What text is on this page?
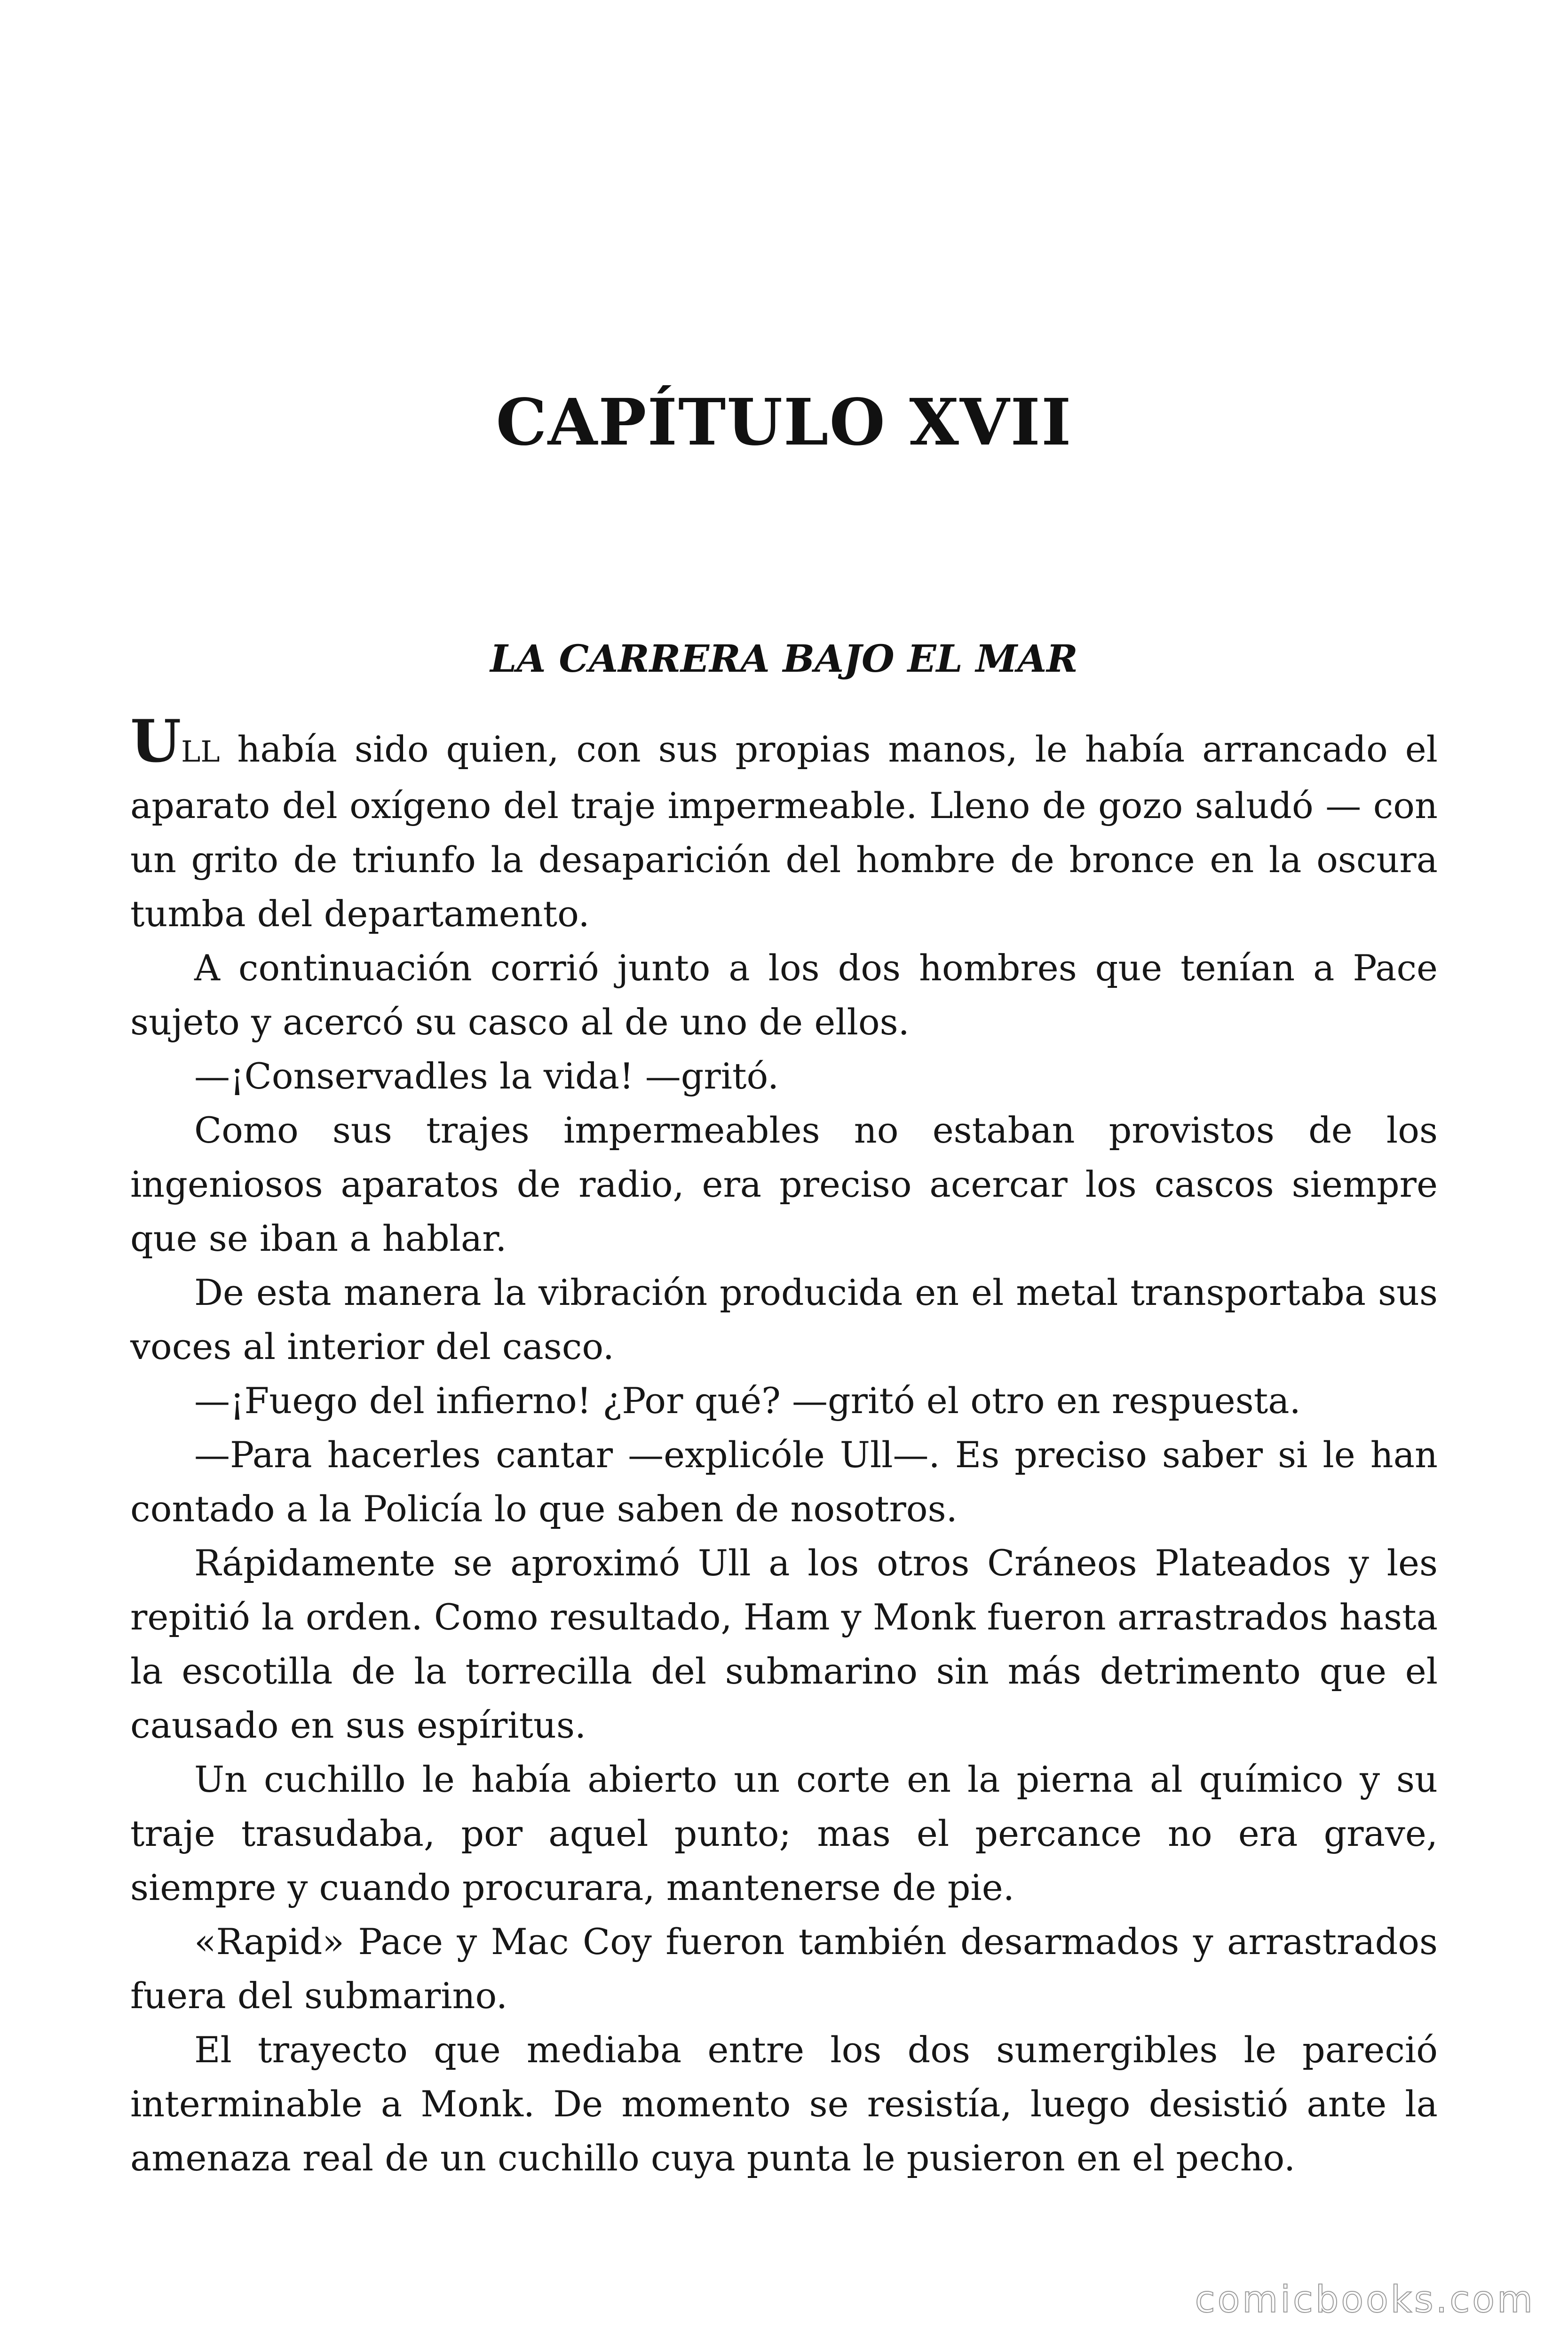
CAPÍTULO XVII
LA CARRERA BAJO EL MAR

ULL había sido quien, con sus propias manos, le había arrancado el aparato del oxígeno del traje impermeable. Lleno de gozo saludó — con un grito de triunfo la desaparición del hombre de bronce en la oscura tumba del departamento.

A continuación corrió junto a los dos hombres que tenían a Pace sujeto y acercó su casco al de uno de ellos.

—¡Conservadles la vida! —gritó.

Como sus trajes impermeables no estaban provistos de los ingeniosos aparatos de radio, era preciso acercar los cascos siempre que se iban a hablar.

De esta manera la vibración producida en el metal transportaba sus voces al interior del casco.

—¡Fuego del infierno! ¿Por qué? —gritó el otro en respuesta.

—Para hacerles cantar —explicóle Ull—. Es preciso saber si le han contado a la Policía lo que saben de nosotros.

Rápidamente se aproximó Ull a los otros Cráneos Plateados y les repitió la orden. Como resultado, Ham y Monk fueron arrastrados hasta la escotilla de la torrecilla del submarino sin más detrimento que el causado en sus espíritus.

Un cuchillo le había abierto un corte en la pierna al químico y su traje trasudaba, por aquel punto; mas el percance no era grave, siempre y cuando procurara, mantenerse de pie.

«Rapid» Pace y Mac Coy fueron también desarmados y arrastrados fuera del submarino.

El trayecto que mediaba entre los dos sumergibles le pareció interminable a Monk. De momento se resistía, luego desistió ante la amenaza real de un cuchillo cuya punta le pusieron en el pecho.

comicbooks.com
